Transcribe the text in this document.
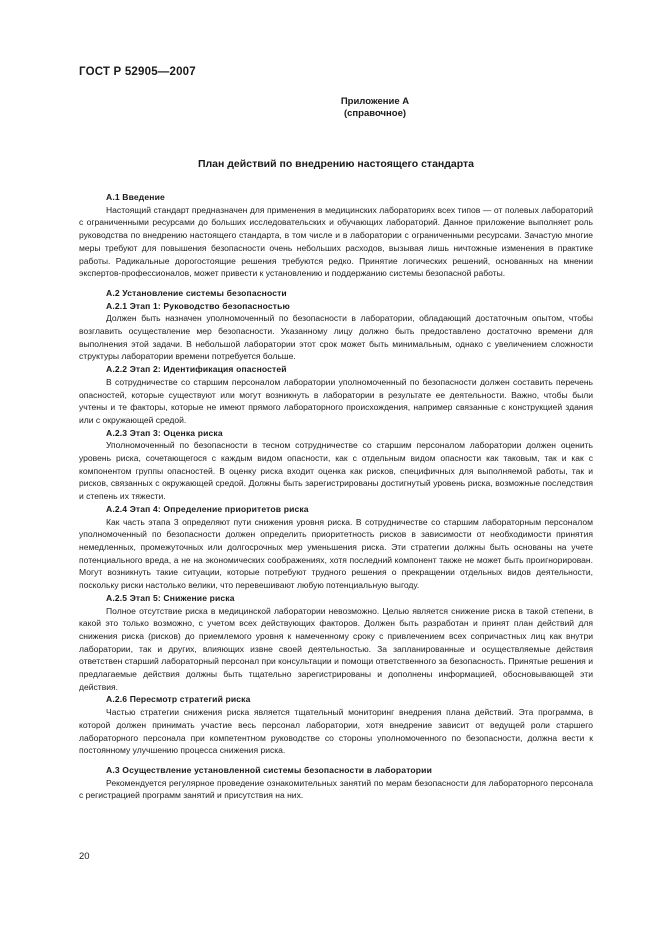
ГОСТ Р 52905—2007
Приложение А
(справочное)
План действий по внедрению настоящего стандарта
А.1 Введение

Настоящий стандарт предназначен для применения в медицинских лабораториях всех типов — от полевых лабораторий с ограниченными ресурсами до больших исследовательских и обучающих лабораторий. Данное приложение выполняет роль руководства по внедрению настоящего стандарта, в том числе и в лаборатории с ограниченными ресурсами. Зачастую многие меры требуют для повышения безопасности очень небольших расходов, вызывая лишь ничтожные изменения в практике работы. Радикальные дорогостоящие решения требуются редко. Принятие логических решений, основанных на мнении экспертов-профессионалов, может привести к установлению и поддержанию системы безопасной работы.

А.2 Установление системы безопасности
А.2.1 Этап 1: Руководство безопасностью

Должен быть назначен уполномоченный по безопасности в лаборатории, обладающий достаточным опытом, чтобы возглавить осуществление мер безопасности. Указанному лицу должно быть предоставлено достаточно времени для выполнения этой задачи. В небольшой лаборатории этот срок может быть минимальным, однако с увеличением сложности структуры лаборатории времени потребуется больше.

А.2.2 Этап 2: Идентификация опасностей

В сотрудничестве со старшим персоналом лаборатории уполномоченный по безопасности должен составить перечень опасностей, которые существуют или могут возникнуть в лаборатории в результате ее деятельности. Важно, чтобы были учтены и те факторы, которые не имеют прямого лабораторного происхождения, например связанные с конструкцией здания или с окружающей средой.

А.2.3 Этап 3: Оценка риска

Уполномоченный по безопасности в тесном сотрудничестве со старшим персоналом лаборатории должен оценить уровень риска, сочетающегося с каждым видом опасности, как с отдельным видом опасности как таковым, так и как с компонентом группы опасностей. В оценку риска входит оценка как рисков, специфичных для выполняемой работы, так и рисков, связанных с окружающей средой. Должны быть зарегистрированы достигнутый уровень риска, возможные последствия и степень их тяжести.

А.2.4 Этап 4: Определение приоритетов риска

Как часть этапа 3 определяют пути снижения уровня риска. В сотрудничестве со старшим лабораторным персоналом уполномоченный по безопасности должен определить приоритетность рисков в зависимости от необходимости принятия немедленных, промежуточных или долгосрочных мер уменьшения риска. Эти стратегии должны быть основаны на учете потенциального вреда, а не на экономических соображениях, хотя последний компонент также не может быть проигнорирован. Могут возникнуть такие ситуации, которые потребуют трудного решения о прекращении отдельных видов деятельности, поскольку риски настолько велики, что перевешивают любую потенциальную выгоду.

А.2.5 Этап 5: Снижение риска

Полное отсутствие риска в медицинской лаборатории невозможно. Целью является снижение риска в такой степени, в какой это только возможно, с учетом всех действующих факторов. Должен быть разработан и принят план действий для снижения риска (рисков) до приемлемого уровня к намеченному сроку с привлечением всех сопричастных лиц как внутри лаборатории, так и других, влияющих извне своей деятельностью. За запланированные и осуществляемые действия ответствен старший лабораторный персонал при консультации и помощи ответственного за безопасность. Принятые решения и предлагаемые действия должны быть тщательно зарегистрированы и дополнены информацией, обосновывающей эти действия.

А.2.6 Пересмотр стратегий риска

Частью стратегии снижения риска является тщательный мониторинг внедрения плана действий. Эта программа, в которой должен принимать участие весь персонал лаборатории, хотя внедрение зависит от ведущей роли старшего лабораторного персонала при компетентном руководстве со стороны уполномоченного по безопасности, должна вести к постоянному улучшению процесса снижения риска.

А.3 Осуществление установленной системы безопасности в лаборатории

Рекомендуется регулярное проведение ознакомительных занятий по мерам безопасности для лабораторного персонала с регистрацией программ занятий и присутствия на них.

20
